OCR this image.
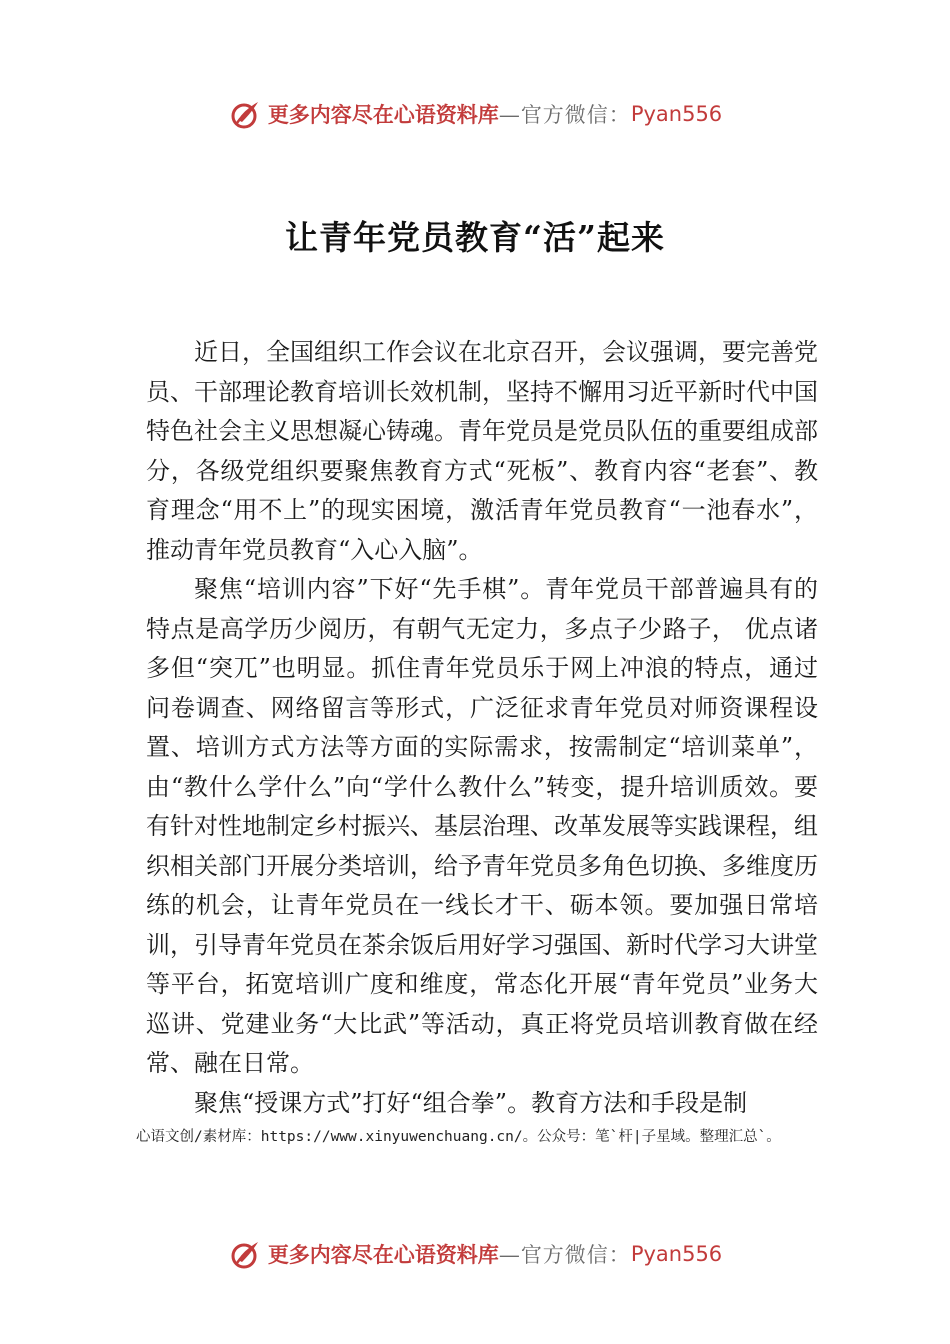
更多内容尽在心语资料库 —官方微信： Pyan556
让青年党员教育“活”起来

近日，全国组织工作会议在北京召开，会议强调，要完善党员、干部理论教育培训长效机制，坚持不懈用习近平新时代中国特色社会主义思想凝心铸魂。青年党员是党员队伍的重要组成部分，各级党组织要聚焦教育方式“死板”、教育内容“老套”、教育理念“用不上”的现实困境，激活青年党员教育“一池春水”，推动青年党员教育“入心入脑”。

聚焦“培训内容”下好“先手棋”。青年党员干部普遍具有的特点是高学历少阅历，有朝气无定力，多点子少路子， 优点诸多但“突兀”也明显。抓住青年党员乐于网上冲浪的特点，通过问卷调查、网络留言等形式，广泛征求青年党员对师资课程设置、培训方式方法等方面的实际需求，按需制定“培训菜单”，由“教什么学什么”向“学什么教什么”转变，提升培训质效。要有针对性地制定乡村振兴、基层治理、改革发展等实践课程，组织相关部门开展分类培训，给予青年党员多角色切换、多维度历练的机会，让青年党员在一线长才干、砺本领。要加强日常培训，引导青年党员在茶余饭后用好学习强国、新时代学习大讲堂等平台，拓宽培训广度和维度，常态化开展“青年党员”业务大巡讲、党建业务“大比武”等活动，真正将党员培训教育做在经常、融在日常。

聚焦“授课方式”打好“组合拳”。教育方法和手段是制

心语文创/素材库：https://www.xinyuwenchuang.cn/。公众号：笔`杆|子星域。整理汇总`。
更多内容尽在心语资料库 —官方微信： Pyan556
